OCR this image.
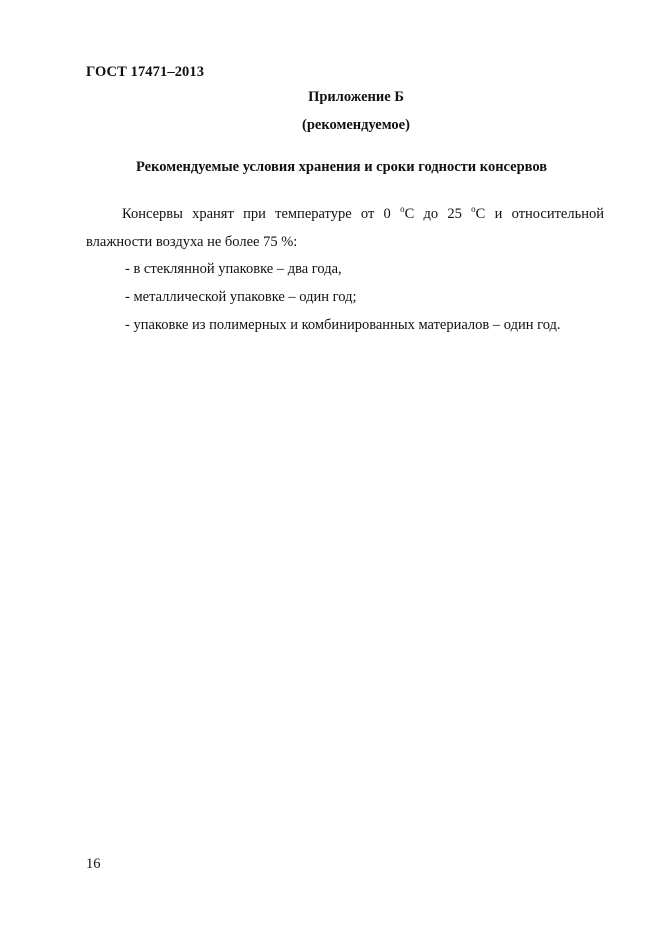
ГОСТ 17471–2013
Приложение Б
(рекомендуемое)
Рекомендуемые условия хранения и сроки годности консервов
Консервы хранят при температуре от 0 $^о$С до 25 $^о$С и относительной
влажности воздуха не более 75 %:
- в стеклянной упаковке – два года,
- металлической упаковке – один год;
- упаковке из полимерных и комбинированных материалов – один год.
16
